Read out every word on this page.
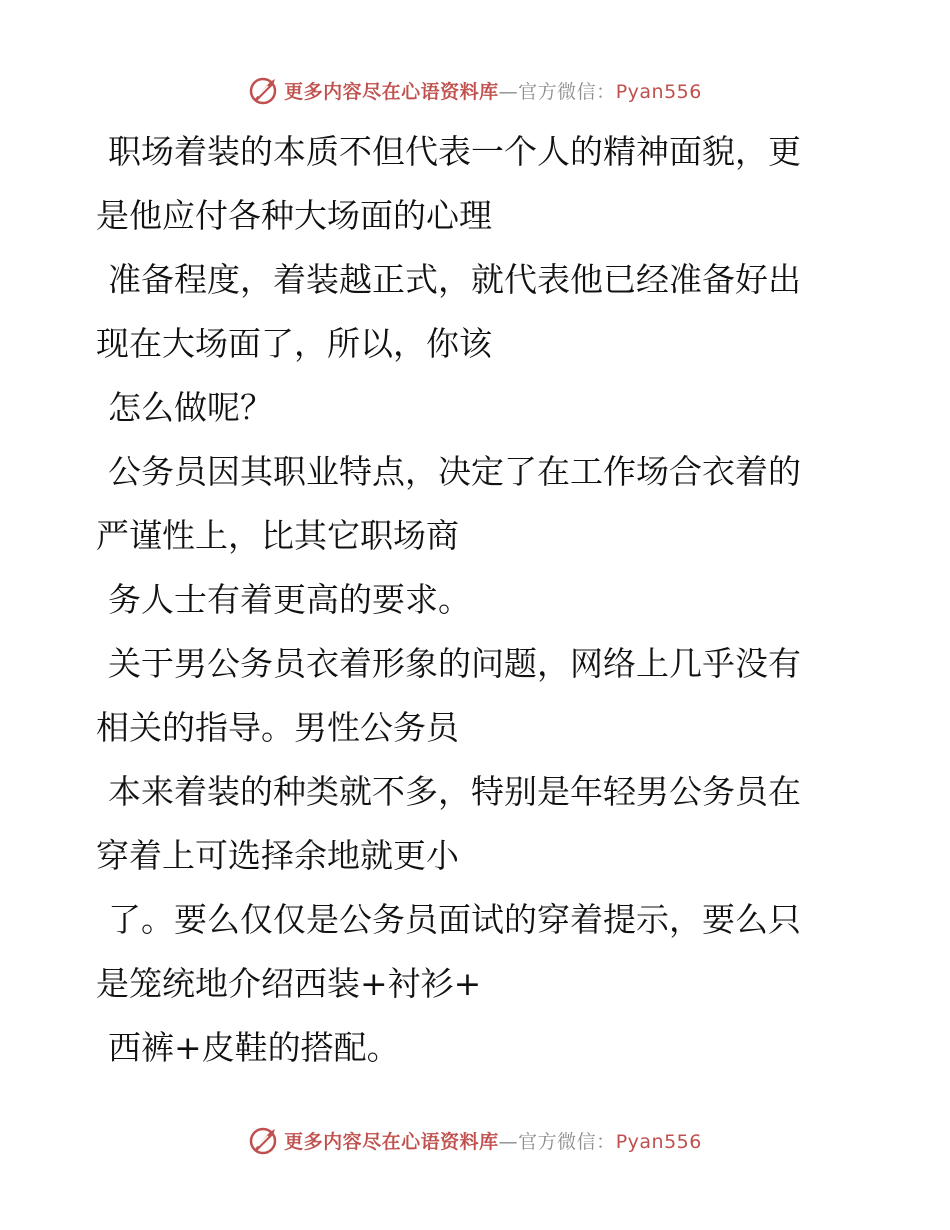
更多内容尽在心语资料库—官方微信：Pyan556

职场着装的本质不但代表一个人的精神面貌，更
是他应付各种大场面的心理

准备程度，着装越正式，就代表他已经准备好出
现在大场面了，所以，你该

怎么做呢？

公务员因其职业特点，决定了在工作场合衣着的
严谨性上，比其它职场商

务人士有着更高的要求。

关于男公务员衣着形象的问题，网络上几乎没有
相关的指导。男性公务员

本来着装的种类就不多，特别是年轻男公务员在
穿着上可选择余地就更小

了。要么仅仅是公务员面试的穿着提示，要么只
是笼统地介绍西装+衬衫+

西裤+皮鞋的搭配。

更多内容尽在心语资料库—官方微信：Pyan556
